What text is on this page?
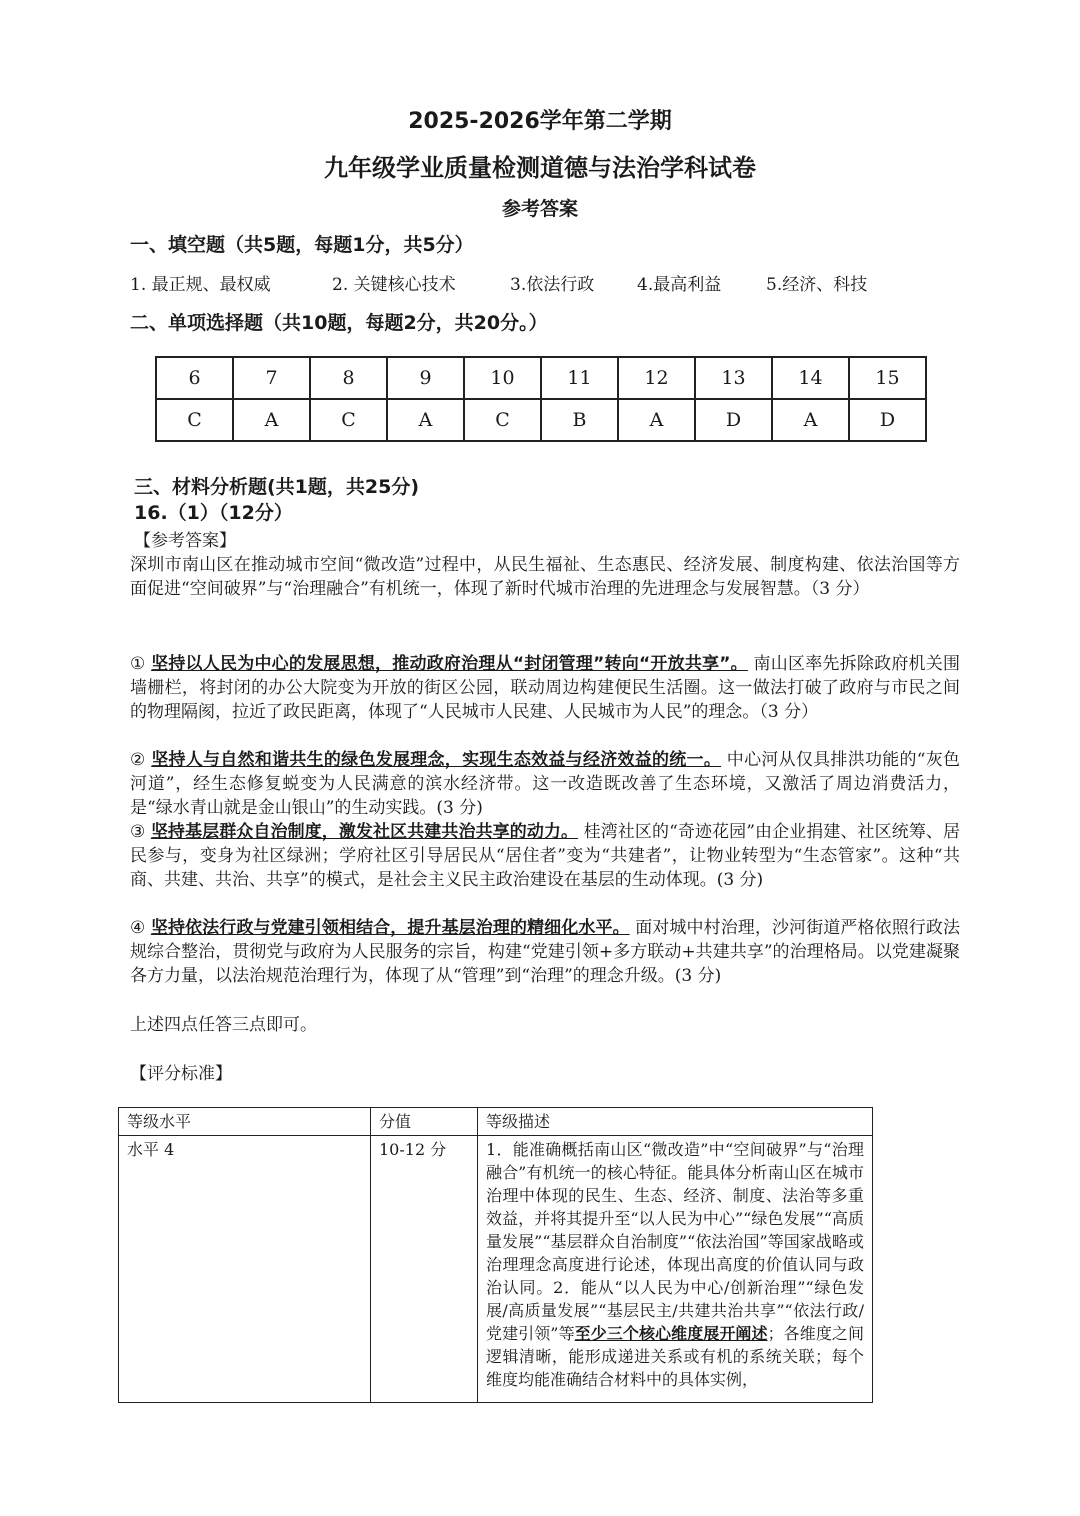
2025-2026学年第二学期
九年级学业质量检测道德与法治学科试卷
参考答案
一、填空题（共5题，每题1分，共5分）
1. 最正规、最权威	2. 关键核心技术	3.依法行政	4.最高利益	5.经济、科技
二、单项选择题（共10题，每题2分，共20分。）
6	7	8	9	10	11	12	13	14	15
C	A	C	A	C	B	A	D	A	D
三、材料分析题(共1题，共25分)
16.（1）（12分）
【参考答案】
深圳市南山区在推动城市空间“微改造”过程中，从民生福祉、生态惠民、经济发展、制度构建、依法治国等方面促进“空间破界”与“治理融合”有机统一，体现了新时代城市治理的先进理念与发展智慧。（3 分）
① 坚持以人民为中心的发展思想，推动政府治理从“封闭管理”转向“开放共享”。 南山区率先拆除政府机关围墙栅栏，将封闭的办公大院变为开放的街区公园，联动周边构建便民生活圈。这一做法打破了政府与市民之间的物理隔阂，拉近了政民距离，体现了“人民城市人民建、人民城市为人民”的理念。（3 分）
② 坚持人与自然和谐共生的绿色发展理念，实现生态效益与经济效益的统一。 中心河从仅具排洪功能的“灰色河道”，经生态修复蜕变为人民满意的滨水经济带。这一改造既改善了生态环境，又激活了周边消费活力，是“绿水青山就是金山银山”的生动实践。(3 分)
③ 坚持基层群众自治制度，激发社区共建共治共享的动力。 桂湾社区的“奇迹花园”由企业捐建、社区统筹、居民参与，变身为社区绿洲；学府社区引导居民从“居住者”变为“共建者”，让物业转型为“生态管家”。这种“共商、共建、共治、共享”的模式，是社会主义民主政治建设在基层的生动体现。(3 分)
④ 坚持依法行政与党建引领相结合，提升基层治理的精细化水平。 面对城中村治理，沙河街道严格依照行政法规综合整治，贯彻党与政府为人民服务的宗旨，构建“党建引领+多方联动+共建共享”的治理格局。以党建凝聚各方力量，以法治规范治理行为，体现了从“管理”到“治理”的理念升级。(3 分)
上述四点任答三点即可。
【评分标准】
等级水平	分值	等级描述
水平 4	10-12 分	1．能准确概括南山区“微改造”中“空间破界”与“治理融合”有机统一的核心特征。能具体分析南山区在城市治理中体现的民生、生态、经济、制度、法治等多重效益，并将其提升至“以人民为中心”“绿色发展”“高质量发展”“基层群众自治制度”“依法治国”等国家战略或治理理念高度进行论述，体现出高度的价值认同与政治认同。2．能从“以人民为中心/创新治理”“绿色发展/高质量发展”“基层民主/共建共治共享”“依法行政/党建引领”等至少三个核心维度展开阐述；各维度之间逻辑清晰，能形成递进关系或有机的系统关联；每个维度均能准确结合材料中的具体实例，
